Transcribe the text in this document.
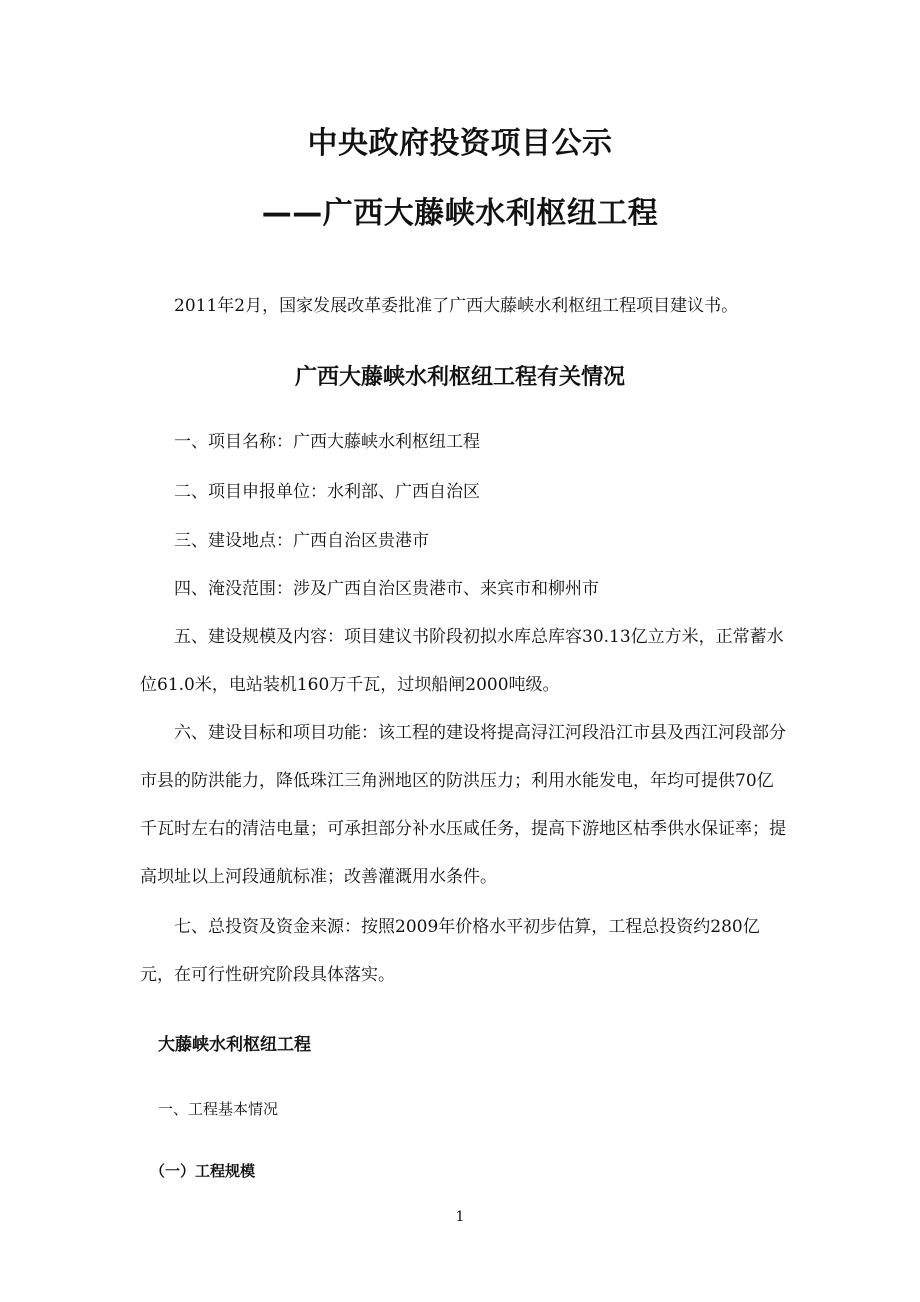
中央政府投资项目公示
——广西大藤峡水利枢纽工程

2011年2月，国家发展改革委批准了广西大藤峡水利枢纽工程项目建议书。

广西大藤峡水利枢纽工程有关情况

一、项目名称：广西大藤峡水利枢纽工程

二、项目申报单位：水利部、广西自治区

三、建设地点：广西自治区贵港市

四、淹没范围：涉及广西自治区贵港市、来宾市和柳州市

五、建设规模及内容：项目建议书阶段初拟水库总库容30.13亿立方米，正常蓄水位61.0米，电站装机160万千瓦，过坝船闸2000吨级。

六、建设目标和项目功能：该工程的建设将提高浔江河段沿江市县及西江河段部分市县的防洪能力，降低珠江三角洲地区的防洪压力；利用水能发电，年均可提供70亿千瓦时左右的清洁电量；可承担部分补水压咸任务，提高下游地区枯季供水保证率；提高坝址以上河段通航标准；改善灌溉用水条件。

七、总投资及资金来源：按照2009年价格水平初步估算，工程总投资约280亿元，在可行性研究阶段具体落实。

大藤峡水利枢纽工程

一、工程基本情况

（一）工程规模

1
